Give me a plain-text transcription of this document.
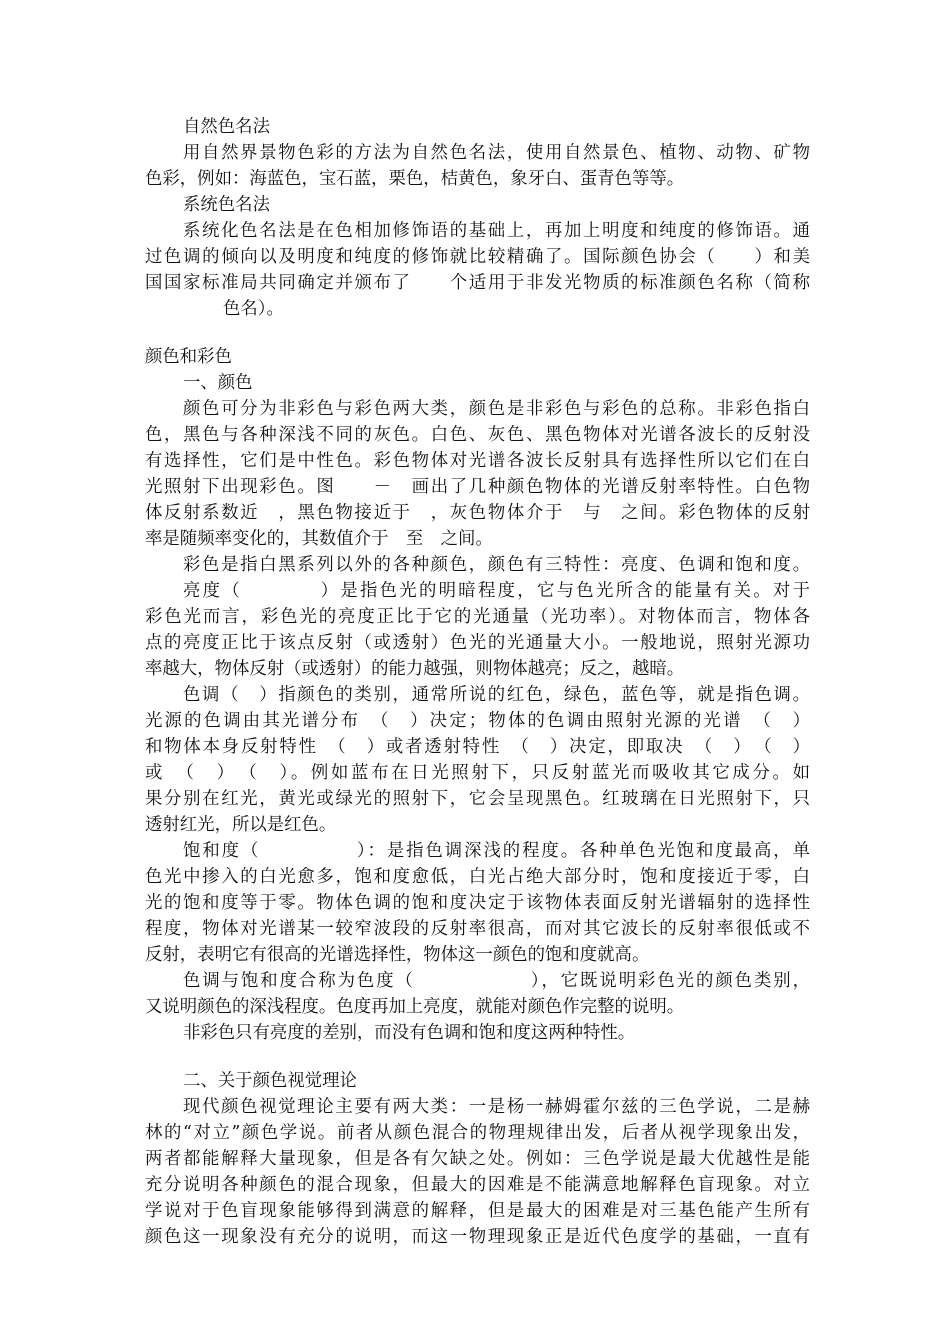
自然色名法
用自然界景物色彩的方法为自然色名法，使用自然景色、植物、动物、矿物
色彩，例如：海蓝色，宝石蓝，栗色，桔黄色，象牙白、蛋青色等等。
系统色名法
系统化色名法是在色相加修饰语的基础上，再加上明度和纯度的修饰语。通
过色调的倾向以及明度和纯度的修饰就比较精确了。国际颜色协会（　　）和美
国国家标准局共同确定并颁布了　　个适用于非发光物质的标准颜色名称（简称
色名）。
颜色和彩色
一、颜色
颜色可分为非彩色与彩色两大类，颜色是非彩色与彩色的总称。非彩色指白
色，黑色与各种深浅不同的灰色。白色、灰色、黑色物体对光谱各波长的反射没
有选择性，它们是中性色。彩色物体对光谱各波长反射具有选择性所以它们在白
光照射下出现彩色。图　　－　画出了几种颜色物体的光谱反射率特性。白色物
体反射系数近　，黑色物接近于　，灰色物体介于　与　之间。彩色物体的反射
率是随频率变化的，其数值介于　至　之间。
彩色是指白黑系列以外的各种颜色，颜色有三特性：亮度、色调和饱和度。
亮度（　　　　）是指色光的明暗程度，它与色光所含的能量有关。对于
彩色光而言，彩色光的亮度正比于它的光通量（光功率）。对物体而言，物体各
点的亮度正比于该点反射（或透射）色光的光通量大小。一般地说，照射光源功
率越大，物体反射（或透射）的能力越强，则物体越亮；反之，越暗。
色调（　）指颜色的类别，通常所说的红色，绿色，蓝色等，就是指色调。
光源的色调由其光谱分布　（　）决定；物体的色调由照射光源的光谱　（　）
和物体本身反射特性　（　）或者透射特性　（　）决定，即取决　（　）　（　）
或　（　）　（　）。例如蓝布在日光照射下，只反射蓝光而吸收其它成分。如
果分别在红光，黄光或绿光的照射下，它会呈现黑色。红玻璃在日光照射下，只
透射红光，所以是红色。
饱和度（　　　　　）：是指色调深浅的程度。各种单色光饱和度最高，单
色光中掺入的白光愈多，饱和度愈低，白光占绝大部分时，饱和度接近于零，白
光的饱和度等于零。物体色调的饱和度决定于该物体表面反射光谱辐射的选择性
程度，物体对光谱某一较窄波段的反射率很高，而对其它波长的反射率很低或不
反射，表明它有很高的光谱选择性，物体这一颜色的饱和度就高。
色调与饱和度合称为色度（　　　　　　），它既说明彩色光的颜色类别，
又说明颜色的深浅程度。色度再加上亮度，就能对颜色作完整的说明。
非彩色只有亮度的差别，而没有色调和饱和度这两种特性。
二、关于颜色视觉理论
现代颜色视觉理论主要有两大类：一是杨一赫姆霍尔兹的三色学说，二是赫
林的“对立”颜色学说。前者从颜色混合的物理规律出发，后者从视学现象出发，
两者都能解释大量现象，但是各有欠缺之处。例如：三色学说是最大优越性是能
充分说明各种颜色的混合现象，但最大的因难是不能满意地解释色盲现象。对立
学说对于色盲现象能够得到满意的解释，但是最大的困难是对三基色能产生所有
颜色这一现象没有充分的说明，而这一物理现象正是近代色度学的基础，一直有
